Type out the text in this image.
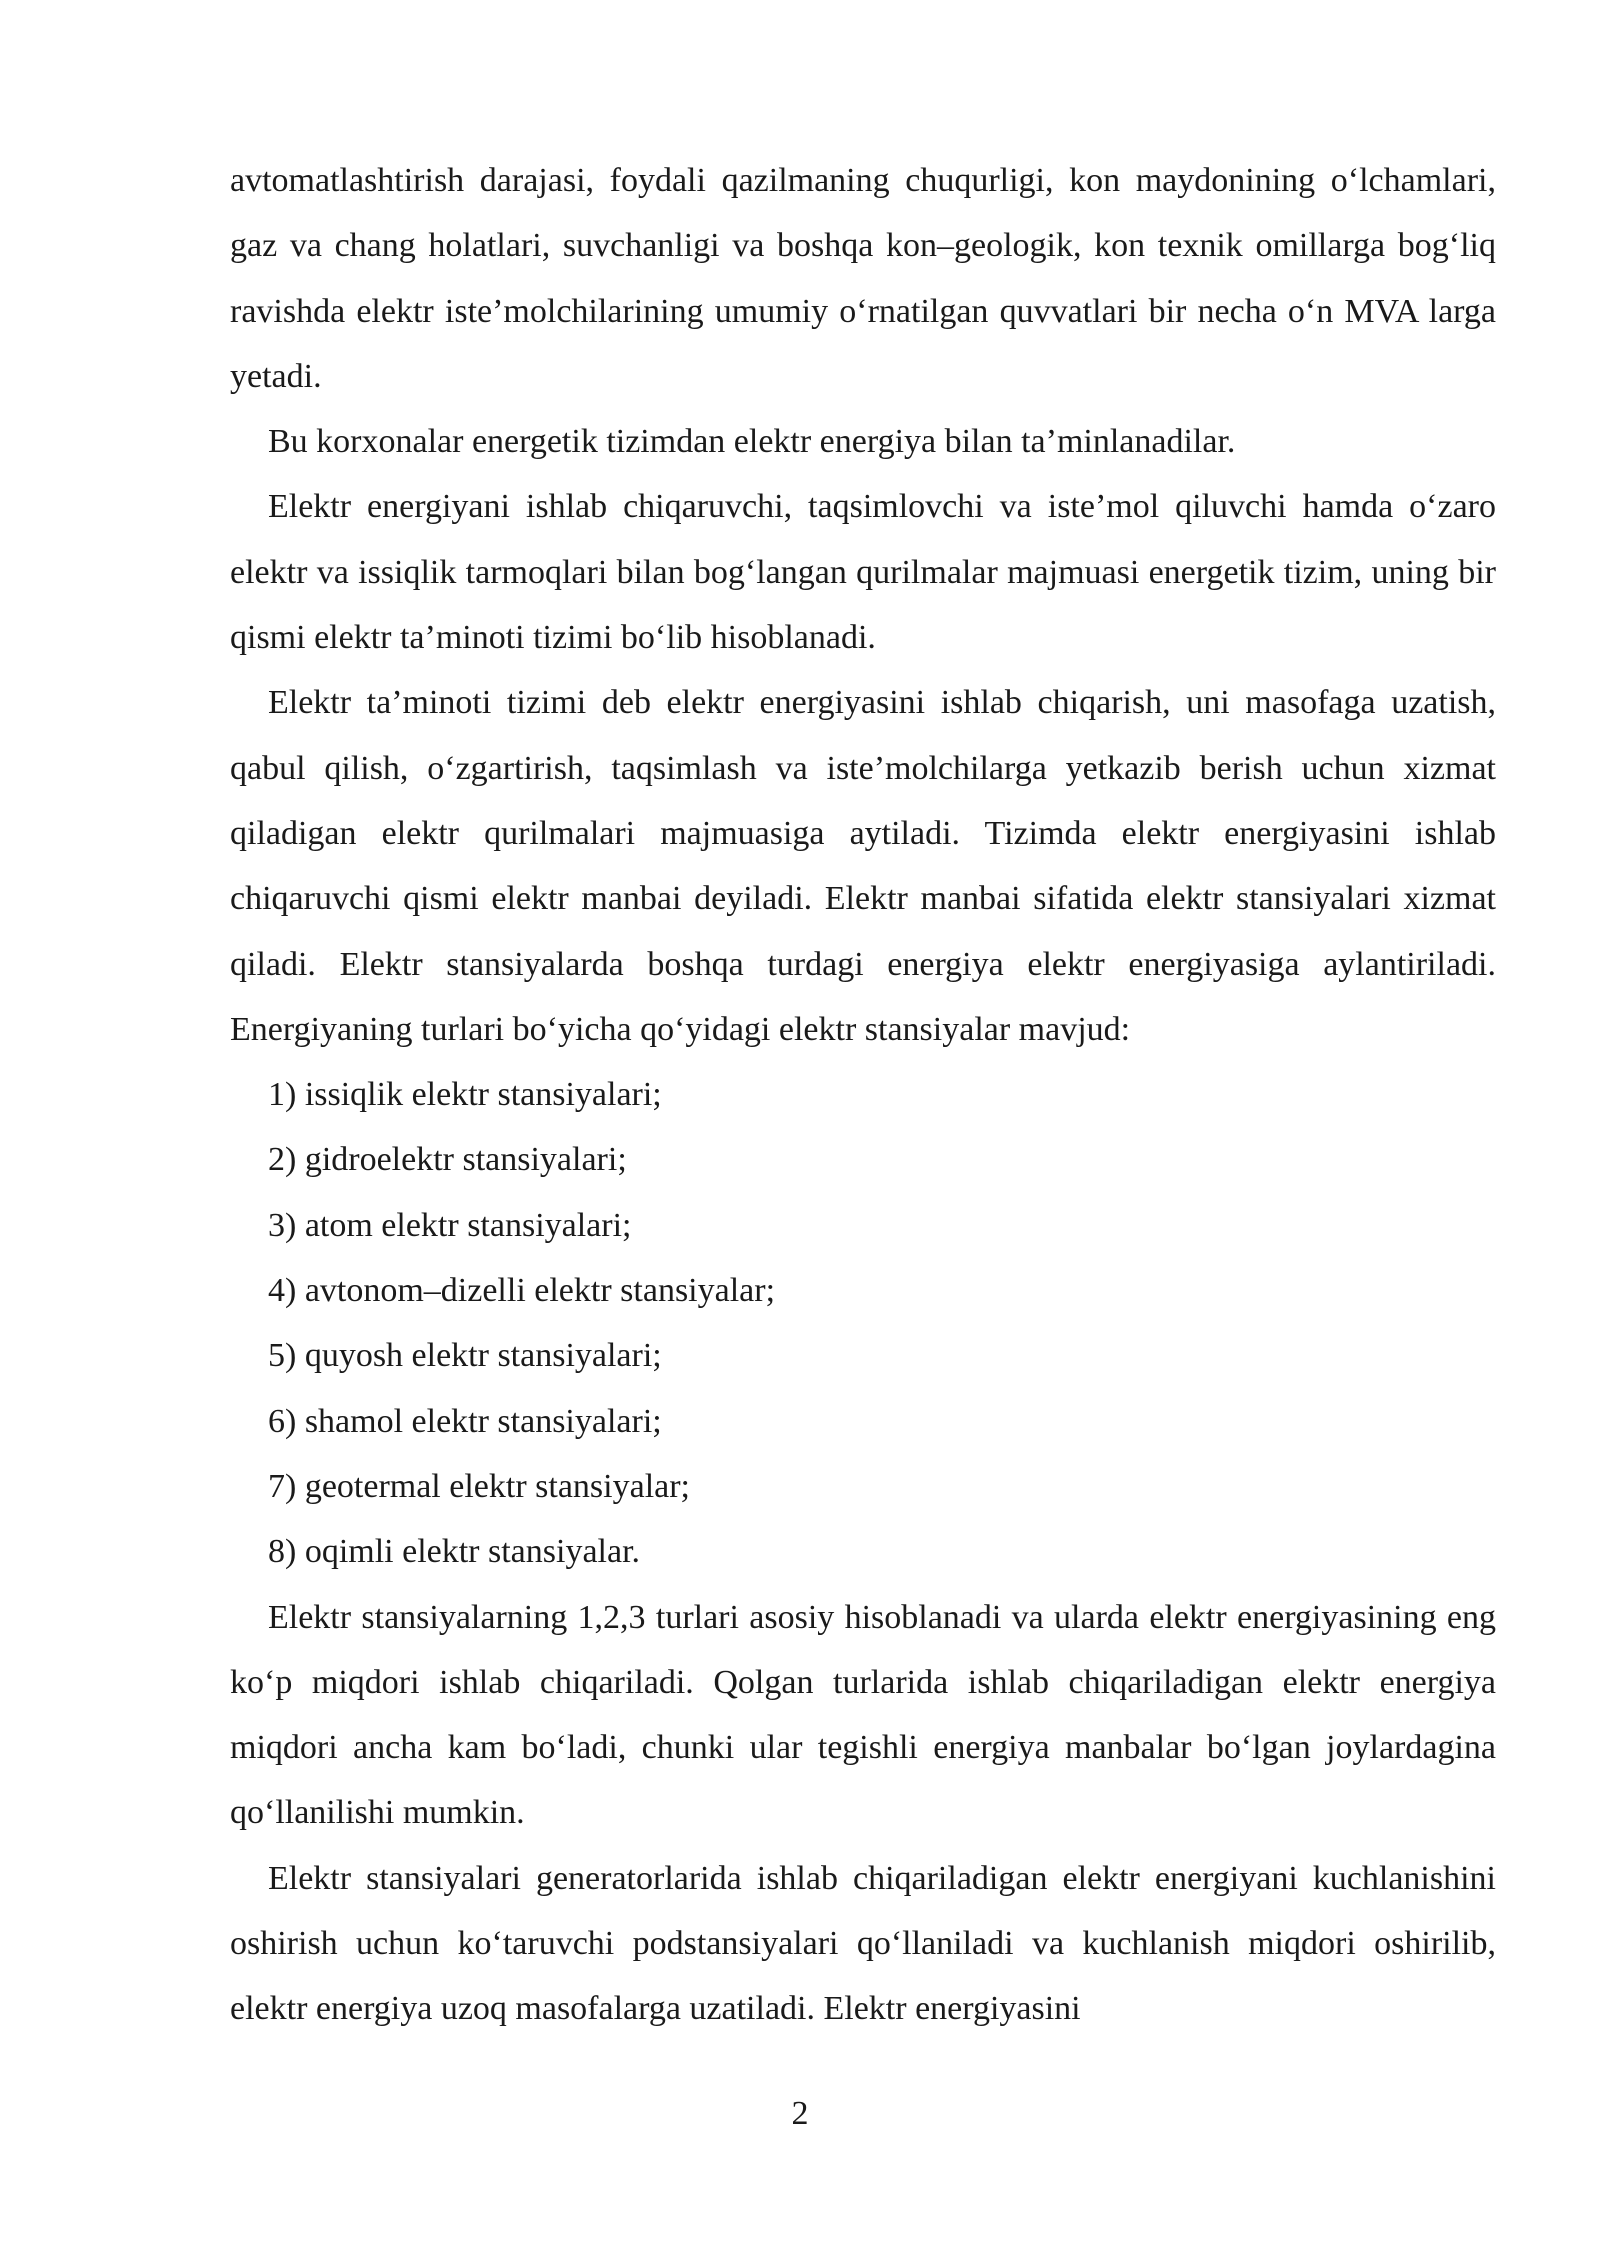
avtomatlashtirish darajasi, foydali qazilmaning chuqurligi, kon maydonining o‘lchamlari, gaz va chang holatlari, suvchanligi va boshqa kon–geologik, kon texnik omillarga bog‘liq ravishda elektr iste’molchilarining umumiy o‘rnatilgan quvvatlari bir necha o‘n MVA larga yetadi.

Bu korxonalar energetik tizimdan elektr energiya bilan ta’minlanadilar.

Elektr energiyani ishlab chiqaruvchi, taqsimlovchi va iste’mol qiluvchi hamda o‘zaro elektr va issiqlik tarmoqlari bilan bog‘langan qurilmalar majmuasi energetik tizim, uning bir qismi elektr ta’minoti tizimi bo‘lib hisoblanadi.

Elektr ta’minoti tizimi deb elektr energiyasini ishlab chiqarish, uni masofaga uzatish, qabul qilish, o‘zgartirish, taqsimlash va iste’molchilarga yetkazib berish uchun xizmat qiladigan elektr qurilmalari majmuasiga aytiladi. Tizimda elektr energiyasini ishlab chiqaruvchi qismi elektr manbai deyiladi. Elektr manbai sifatida elektr stansiyalari xizmat qiladi. Elektr stansiyalarda boshqa turdagi energiya elektr energiyasiga aylantiriladi. Energiyaning turlari bo‘yicha qo‘yidagi elektr stansiyalar mavjud:

1) issiqlik elektr stansiyalari;

2) gidroelektr stansiyalari;

3) atom elektr stansiyalari;

4) avtonom–dizelli elektr stansiyalar;

5) quyosh elektr stansiyalari;

6) shamol elektr stansiyalari;

7) geotermal elektr stansiyalar;

8) oqimli elektr stansiyalar.

Elektr stansiyalarning 1,2,3 turlari asosiy hisoblanadi va ularda elektr energiyasining eng ko‘p miqdori ishlab chiqariladi. Qolgan turlarida ishlab chiqariladigan elektr energiya miqdori ancha kam bo‘ladi, chunki ular tegishli energiya manbalar bo‘lgan joylardagina qo‘llanilishi mumkin.

Elektr stansiyalari generatorlarida ishlab chiqariladigan elektr energiyani kuchlanishini oshirish uchun ko‘taruvchi podstansiyalari qo‘llaniladi va kuchlanish miqdori oshirilib, elektr energiya uzoq masofalarga uzatiladi. Elektr energiyasini

2
